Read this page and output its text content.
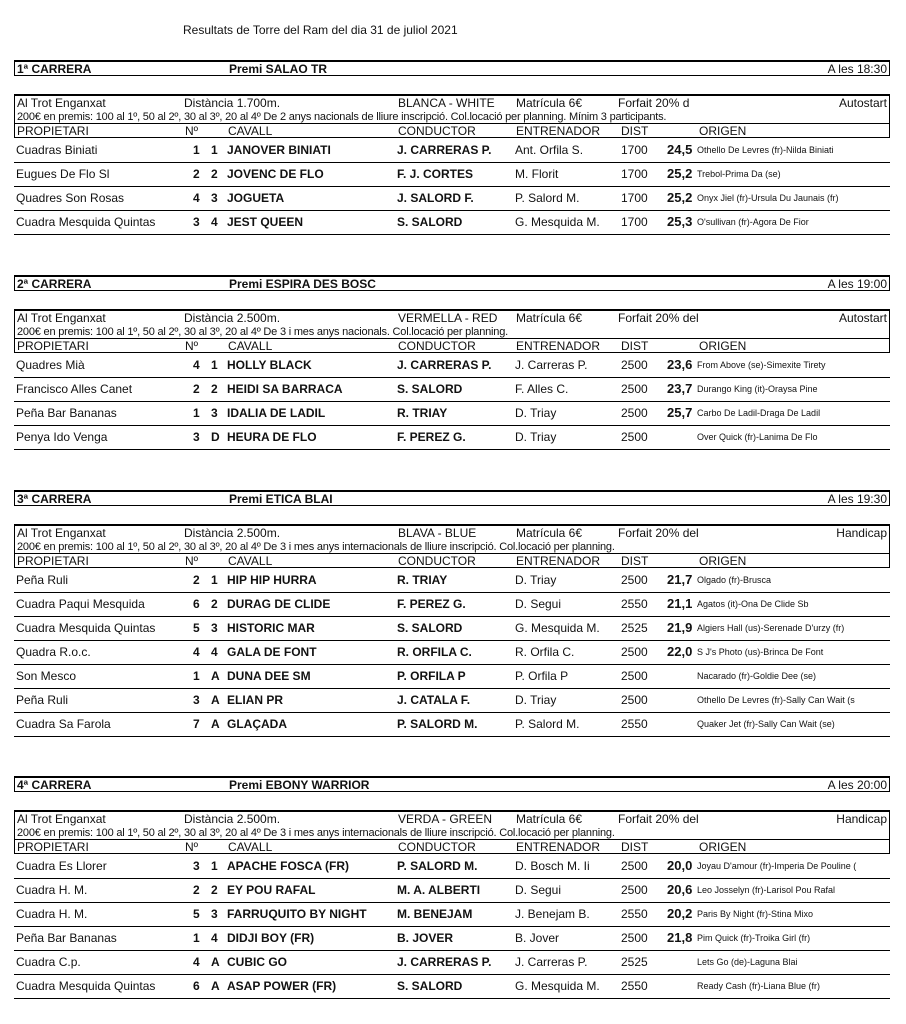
Resultats de Torre del Ram del dia 31 de juliol 2021
1ª CARRERA	Premi SALAO TR	A les 18:30
Al Trot Enganxat	Distància 1.700m.	BLANCA - WHITE Matrícula 6€	Forfait 20% d	Autostart
200€ en premis: 100 al 1º, 50 al 2º, 30 al 3º, 20 al 4º De 2 anys nacionals de lliure inscripció. Col.locació per planning. Mínim 3 participants.
PROPIETARI	Nº CAVALL	CONDUCTOR	ENTRENADOR DIST	ORIGEN
Cuadras Biniati	1 1 JANOVER BINIATI	J. CARRERAS P. Ant. Orfila S.	1700 24,5 Othello De Levres (fr)-Nilda Biniati
Eugues De Flo Sl	2 2 JOVENC DE FLO	F. J. CORTES	M. Florit	1700 25,2 Trebol-Prima Da (se)
Quadres Son Rosas	4 3 JOGUETA	J. SALORD F.	P. Salord M.	1700 25,2 Onyx Jiel (fr)-Ursula Du Jaunais (fr)
Cuadra Mesquida Quintas	3 4 JEST QUEEN	S. SALORD	G. Mesquida M. 1700 25,3 O'sullivan (fr)-Agora De Fior
2ª CARRERA	Premi ESPIRA DES BOSC	A les 19:00
Al Trot Enganxat	Distància 2.500m.	VERMELLA - RED Matrícula 6€	Forfait 20% del	Autostart
200€ en premis: 100 al 1º, 50 al 2º, 30 al 3º, 20 al 4º De 3 i mes anys nacionals. Col.locació per planning.
PROPIETARI	Nº CAVALL	CONDUCTOR	ENTRENADOR DIST	ORIGEN
Quadres Mià	4 1 HOLLY BLACK	J. CARRERAS P. J. Carreras P.	2500 23,6 From Above (se)-Simexite Tirety
Francisco Alles Canet	2 2 HEIDI SA BARRACA	S. SALORD	F. Alles C.	2500 23,7 Durango King (it)-Oraysa Pine
Peña Bar Bananas	1 3 IDALIA DE LADIL	R. TRIAY	D. Triay	2500 25,7 Carbo De Ladil-Draga De Ladil
Penya Ido Venga	3 D HEURA DE FLO	F. PEREZ G.	D. Triay	2500	Over Quick (fr)-Lanima De Flo
3ª CARRERA	Premi ETICA BLAI	A les 19:30
Al Trot Enganxat	Distància 2.500m.	BLAVA - BLUE	Matrícula 6€	Forfait 20% del	Handicap
200€ en premis: 100 al 1º, 50 al 2º, 30 al 3º, 20 al 4º De 3 i mes anys internacionals de lliure inscripció. Col.locació per planning.
PROPIETARI	Nº CAVALL	CONDUCTOR	ENTRENADOR DIST	ORIGEN
Peña Ruli	2 1 HIP HIP HURRA	R. TRIAY	D. Triay	2500 21,7 Olgado (fr)-Brusca
Cuadra Paqui Mesquida	6 2 DURAG DE CLIDE	F. PEREZ G.	D. Segui	2550 21,1 Agatos (it)-Ona De Clide Sb
Cuadra Mesquida Quintas	5 3 HISTORIC MAR	S. SALORD	G. Mesquida M. 2525 21,9 Algiers Hall (us)-Serenade D'urzy (fr)
Quadra R.o.c.	4 4 GALA DE FONT	R. ORFILA C.	R. Orfila C.	2500 22,0 S J's Photo (us)-Brinca De Font
Son Mesco	1 A DUNA DEE SM	P. ORFILA P	P. Orfila P	2500	Nacarado (fr)-Goldie Dee (se)
Peña Ruli	3 A ELIAN PR	J. CATALA F.	D. Triay	2500	Othello De Levres (fr)-Sally Can Wait (s
Cuadra Sa Farola	7 A GLAÇADA	P. SALORD M.	P. Salord M.	2550	Quaker Jet (fr)-Sally Can Wait (se)
4ª CARRERA	Premi EBONY WARRIOR	A les 20:00
Al Trot Enganxat	Distància 2.500m.	VERDA - GREEN Matrícula 6€	Forfait 20% del	Handicap
200€ en premis: 100 al 1º, 50 al 2º, 30 al 3º, 20 al 4º De 3 i mes anys internacionals de lliure inscripció. Col.locació per planning.
PROPIETARI	Nº CAVALL	CONDUCTOR	ENTRENADOR DIST	ORIGEN
Cuadra Es Llorer	3 1 APACHE FOSCA (FR)	P. SALORD M.	D. Bosch M. Ii	2500 20,0 Joyau D'amour (fr)-Imperia De Pouline (
Cuadra H. M.	2 2 EY POU RAFAL	M. A. ALBERTI	D. Segui	2500 20,6 Leo Josselyn (fr)-Larisol Pou Rafal
Cuadra H. M.	5 3 FARRUQUITO BY NIGHT	M. BENEJAM	J. Benejam B.	2550 20,2 Paris By Night (fr)-Stina Mixo
Peña Bar Bananas	1 4 DIDJI BOY (FR)	B. JOVER	B. Jover	2500 21,8 Pim Quick (fr)-Troika Girl (fr)
Cuadra C.p.	4 A CUBIC GO	J. CARRERAS P. J. Carreras P.	2525	Lets Go (de)-Laguna Blai
Cuadra Mesquida Quintas	6 A ASAP POWER (FR)	S. SALORD	G. Mesquida M. 2550	Ready Cash (fr)-Liana Blue (fr)
